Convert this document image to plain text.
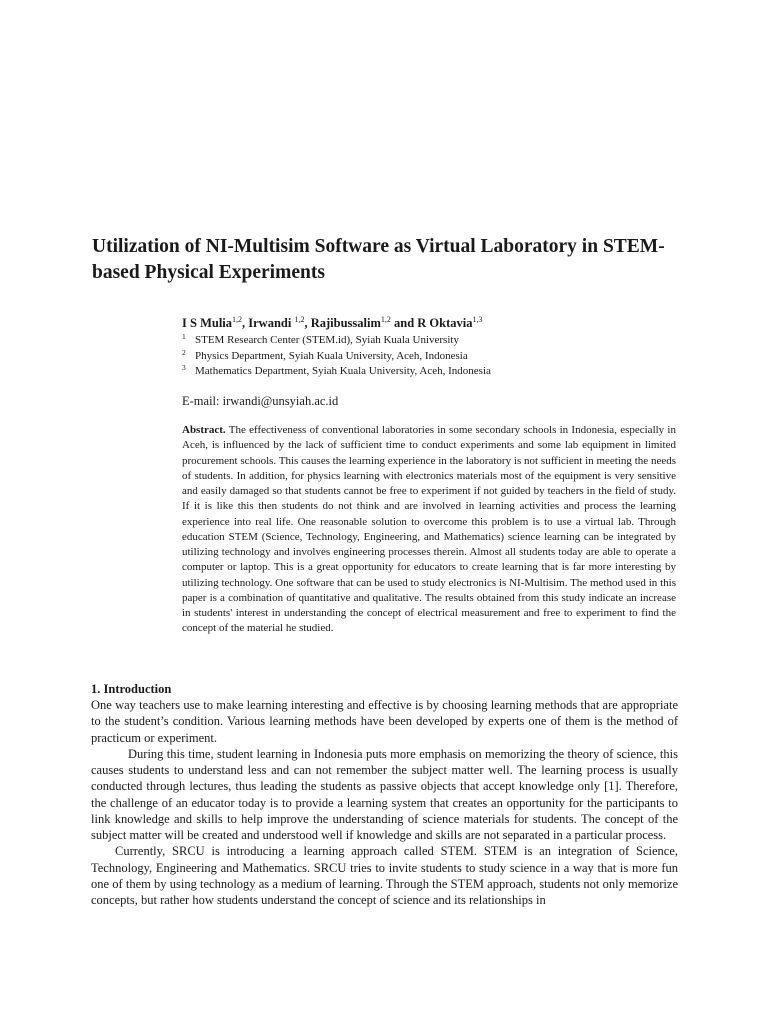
Utilization of NI-Multisim Software as Virtual Laboratory in STEM-based Physical Experiments
I S Mulia$^{1,2}$, Irwandi $^{1,2}$, Rajibussalim$^{1,2}$ and R Oktavia$^{1,3}$
$^1$ STEM Research Center (STEM.id), Syiah Kuala University
$^2$ Physics Department, Syiah Kuala University, Aceh, Indonesia
$^3$ Mathematics Department, Syiah Kuala University, Aceh, Indonesia
E-mail: irwandi@unsyiah.ac.id

Abstract. The effectiveness of conventional laboratories in some secondary schools in Indonesia, especially in Aceh, is influenced by the lack of sufficient time to conduct experiments and some lab equipment in limited procurement schools. This causes the learning experience in the laboratory is not sufficient in meeting the needs of students. In addition, for physics learning with electronics materials most of the equipment is very sensitive and easily damaged so that students cannot be free to experiment if not guided by teachers in the field of study. If it is like this then students do not think and are involved in learning activities and process the learning experience into real life. One reasonable solution to overcome this problem is to use a virtual lab. Through education STEM (Science, Technology, Engineering, and Mathematics) science learning can be integrated by utilizing technology and involves engineering processes therein. Almost all students today are able to operate a computer or laptop. This is a great opportunity for educators to create learning that is far more interesting by utilizing technology. One software that can be used to study electronics is NI-Multisim. The method used in this paper is a combination of quantitative and qualitative. The results obtained from this study indicate an increase in students' interest in understanding the concept of electrical measurement and free to experiment to find the concept of the material he studied.

1. Introduction

One way teachers use to make learning interesting and effective is by choosing learning methods that are appropriate to the student’s condition. Various learning methods have been developed by experts one of them is the method of practicum or experiment.

During this time, student learning in Indonesia puts more emphasis on memorizing the theory of science, this causes students to understand less and can not remember the subject matter well. The learning process is usually conducted through lectures, thus leading the students as passive objects that accept knowledge only [1]. Therefore, the challenge of an educator today is to provide a learning system that creates an opportunity for the participants to link knowledge and skills to help improve the understanding of science materials for students. The concept of the subject matter will be created and understood well if knowledge and skills are not separated in a particular process.

Currently, SRCU is introducing a learning approach called STEM. STEM is an integration of Science, Technology, Engineering and Mathematics. SRCU tries to invite students to study science in a way that is more fun one of them by using technology as a medium of learning. Through the STEM approach, students not only memorize concepts, but rather how students understand the concept of science and its relationships in
